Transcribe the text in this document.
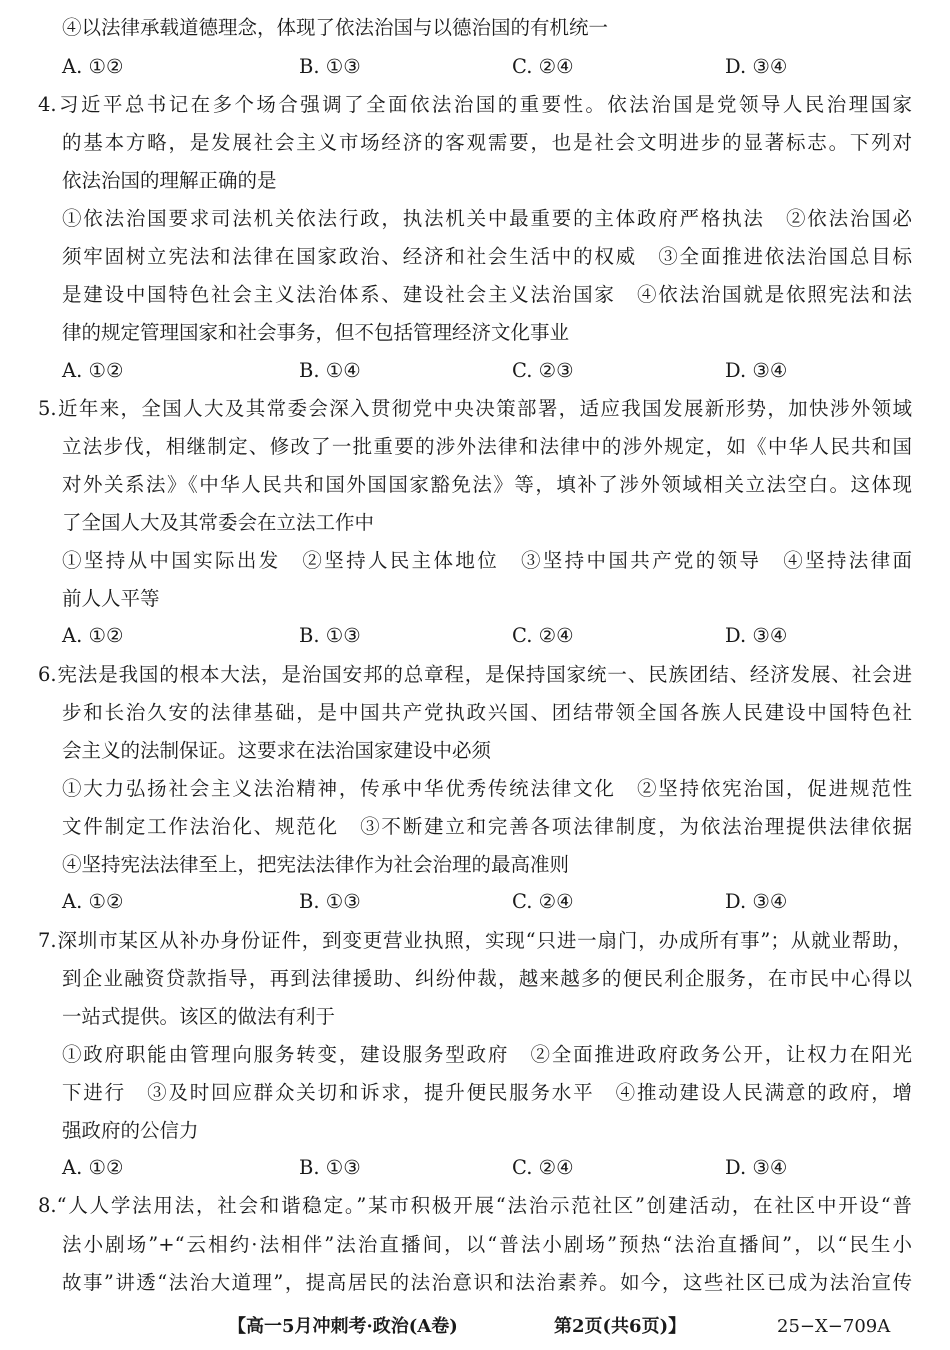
④以法律承载道德理念，体现了依法治国与以德治国的有机统一
A. ①②	B. ①③	C. ②④	D. ③④
4.习近平总书记在多个场合强调了全面依法治国的重要性。依法治国是党领导人民治理国家
的基本方略，是发展社会主义市场经济的客观需要，也是社会文明进步的显著标志。下列对
依法治国的理解正确的是
①依法治国要求司法机关依法行政，执法机关中最重要的主体政府严格执法　②依法治国必
须牢固树立宪法和法律在国家政治、经济和社会生活中的权威　③全面推进依法治国总目标
是建设中国特色社会主义法治体系、建设社会主义法治国家　④依法治国就是依照宪法和法
律的规定管理国家和社会事务，但不包括管理经济文化事业
A. ①②	B. ①④	C. ②③	D. ③④
5.近年来，全国人大及其常委会深入贯彻党中央决策部署，适应我国发展新形势，加快涉外领域
立法步伐，相继制定、修改了一批重要的涉外法律和法律中的涉外规定，如《中华人民共和国
对外关系法》《中华人民共和国外国国家豁免法》等，填补了涉外领域相关立法空白。这体现
了全国人大及其常委会在立法工作中
①坚持从中国实际出发　②坚持人民主体地位　③坚持中国共产党的领导　④坚持法律面
前人人平等
A. ①②	B. ①③	C. ②④	D. ③④
6.宪法是我国的根本大法，是治国安邦的总章程，是保持国家统一、民族团结、经济发展、社会进
步和长治久安的法律基础，是中国共产党执政兴国、团结带领全国各族人民建设中国特色社
会主义的法制保证。这要求在法治国家建设中必须
①大力弘扬社会主义法治精神，传承中华优秀传统法律文化　②坚持依宪治国，促进规范性
文件制定工作法治化、规范化　③不断建立和完善各项法律制度，为依法治理提供法律依据
④坚持宪法法律至上，把宪法法律作为社会治理的最高准则
A. ①②	B. ①③	C. ②④	D. ③④
7.深圳市某区从补办身份证件，到变更营业执照，实现“只进一扇门，办成所有事”；从就业帮助，
到企业融资贷款指导，再到法律援助、纠纷仲裁，越来越多的便民利企服务，在市民中心得以
一站式提供。该区的做法有利于
①政府职能由管理向服务转变，建设服务型政府　②全面推进政府政务公开，让权力在阳光
下进行　③及时回应群众关切和诉求，提升便民服务水平　④推动建设人民满意的政府，增
强政府的公信力
A. ①②	B. ①③	C. ②④	D. ③④
8.“人人学法用法，社会和谐稳定。”某市积极开展“法治示范社区”创建活动，在社区中开设“普
法小剧场”+“云相约·法相伴”法治直播间，以“普法小剧场”预热“法治直播间”，以“民生小
故事”讲透“法治大道理”，提高居民的法治意识和法治素养。如今，这些社区已成为法治宣传
【高一5月冲刺考·政治(A卷)	第2页(共6页)】	25−X−709A
